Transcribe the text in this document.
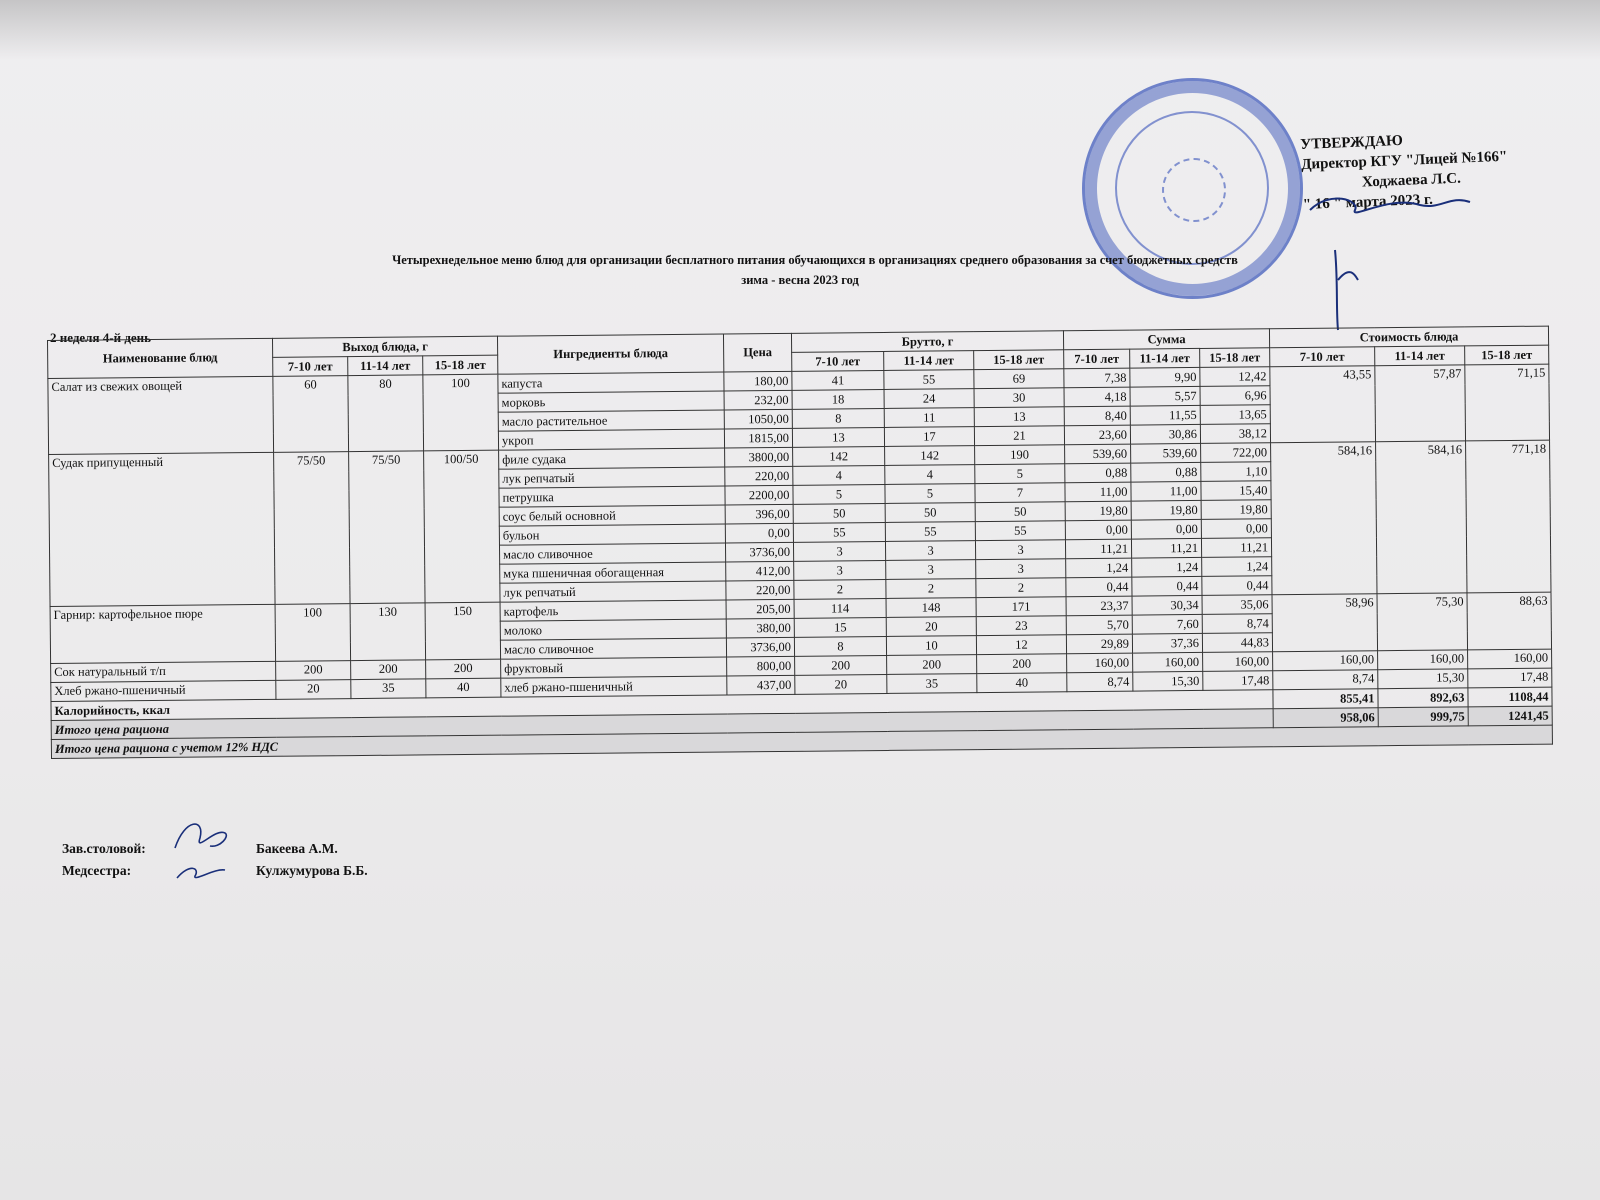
УТВЕРЖДАЮ
Директор КГУ "Лицей №166"
Ходжаева Л.С.
" 16 " марта 2023 г.
Четырехнедельное меню блюд для организации бесплатного питания обучающихся в организациях среднего образования за счет бюджетных средств
зима - весна 2023 год
2 неделя 4-й день
Наименование блюд	Выход блюда, г			Ингредиенты блюда	Цена	Брутто, г			Сумма			Стоимость блюда		
	7-10 лет	11-14 лет	15-18 лет			7-10 лет	11-14 лет	15-18 лет	7-10 лет	11-14 лет	15-18 лет	7-10 лет	11-14 лет	15-18 лет
Салат из свежих овощей	60	80	100	капуста	180,00	41	55	69	7,38	9,90	12,42	43,55	57,87	71,15
				морковь	232,00	18	24	30	4,18	5,57	6,96			
				масло растительное	1050,00	8	11	13	8,40	11,55	13,65			
				укроп	1815,00	13	17	21	23,60	30,86	38,12			
Судак припущенный	75/50	75/50	100/50	филе судака	3800,00	142	142	190	539,60	539,60	722,00	584,16	584,16	771,18
				лук репчатый	220,00	4	4	5	0,88	0,88	1,10			
				петрушка	2200,00	5	5	7	11,00	11,00	15,40			
				соус белый основной	396,00	50	50	50	19,80	19,80	19,80			
				бульон	0,00	55	55	55	0,00	0,00	0,00			
				масло сливочное	3736,00	3	3	3	11,21	11,21	11,21			
				мука пшеничная обогащенная	412,00	3	3	3	1,24	1,24	1,24			
				лук репчатый	220,00	2	2	2	0,44	0,44	0,44			
Гарнир: картофельное пюре	100	130	150	картофель	205,00	114	148	171	23,37	30,34	35,06	58,96	75,30	88,63
				молоко	380,00	15	20	23	5,70	7,60	8,74			
				масло сливочное	3736,00	8	10	12	29,89	37,36	44,83			
Сок натуральный т/п	200	200	200	фруктовый	800,00	200	200	200	160,00	160,00	160,00	160,00	160,00	160,00
Хлеб ржано-пшеничный	20	35	40	хлеб ржано-пшеничный	437,00	20	35	40	8,74	15,30	17,48	8,74	15,30	17,48
Калорийность, ккал												855,41	892,63	1108,44
Итого цена рациона												958,06	999,75	1241,45
Итого цена рациона с учетом 12% НДС														
Зав.столовой:	Бакеева А.М.
Медсестра:	Кулжумурова Б.Б.
